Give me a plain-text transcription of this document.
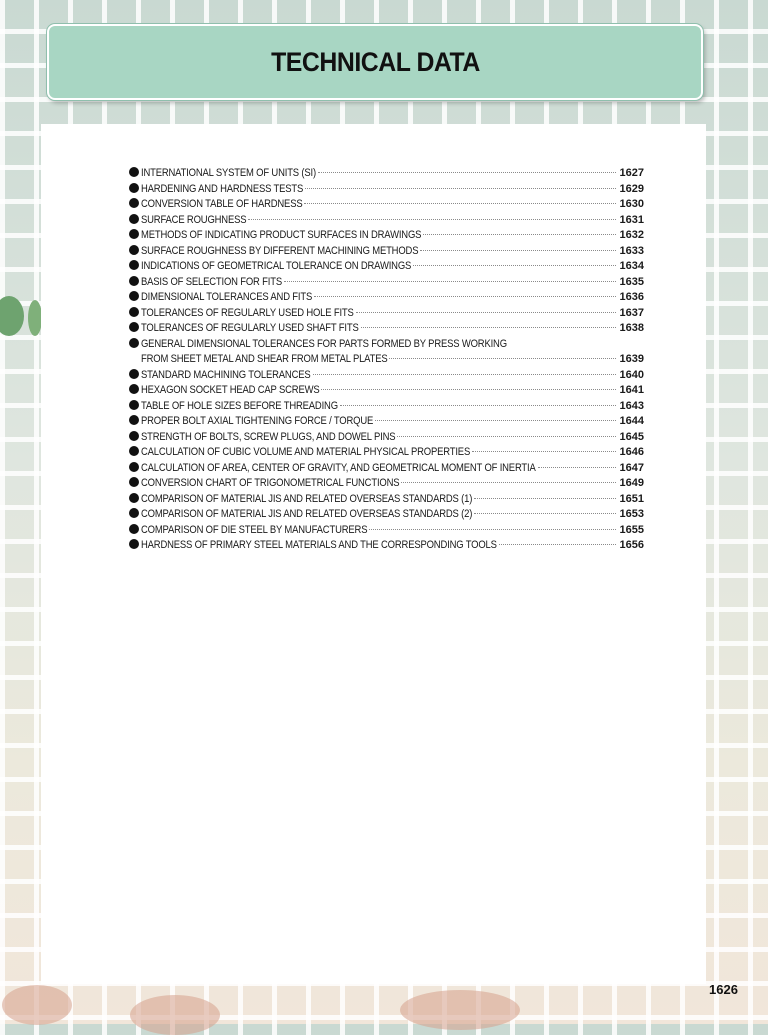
TECHNICAL DATA
INTERNATIONAL SYSTEM OF UNITS (SI)	1627
HARDENING AND HARDNESS TESTS	1629
CONVERSION TABLE OF HARDNESS	1630
SURFACE ROUGHNESS	1631
METHODS OF INDICATING PRODUCT SURFACES IN DRAWINGS	1632
SURFACE ROUGHNESS BY DIFFERENT MACHINING METHODS	1633
INDICATIONS OF GEOMETRICAL TOLERANCE ON DRAWINGS	1634
BASIS OF SELECTION FOR FITS	1635
DIMENSIONAL TOLERANCES AND FITS	1636
TOLERANCES OF REGULARLY USED HOLE FITS	1637
TOLERANCES OF REGULARLY USED SHAFT FITS	1638
GENERAL DIMENSIONAL TOLERANCES FOR PARTS FORMED BY PRESS WORKING
FROM SHEET METAL AND SHEAR FROM METAL PLATES	1639
STANDARD MACHINING TOLERANCES	1640
HEXAGON SOCKET HEAD CAP SCREWS	1641
TABLE OF HOLE SIZES BEFORE THREADING	1643
PROPER BOLT AXIAL TIGHTENING FORCE / TORQUE	1644
STRENGTH OF BOLTS, SCREW PLUGS, AND DOWEL PINS	1645
CALCULATION OF CUBIC VOLUME AND MATERIAL PHYSICAL PROPERTIES	1646
CALCULATION OF AREA, CENTER OF GRAVITY, AND GEOMETRICAL MOMENT OF INERTIA	1647
CONVERSION CHART OF TRIGONOMETRICAL FUNCTIONS	1649
COMPARISON OF MATERIAL JIS AND RELATED OVERSEAS STANDARDS (1)	1651
COMPARISON OF MATERIAL JIS AND RELATED OVERSEAS STANDARDS (2)	1653
COMPARISON OF DIE STEEL BY MANUFACTURERS	1655
HARDNESS OF PRIMARY STEEL MATERIALS AND THE CORRESPONDING TOOLS	1656
1626
